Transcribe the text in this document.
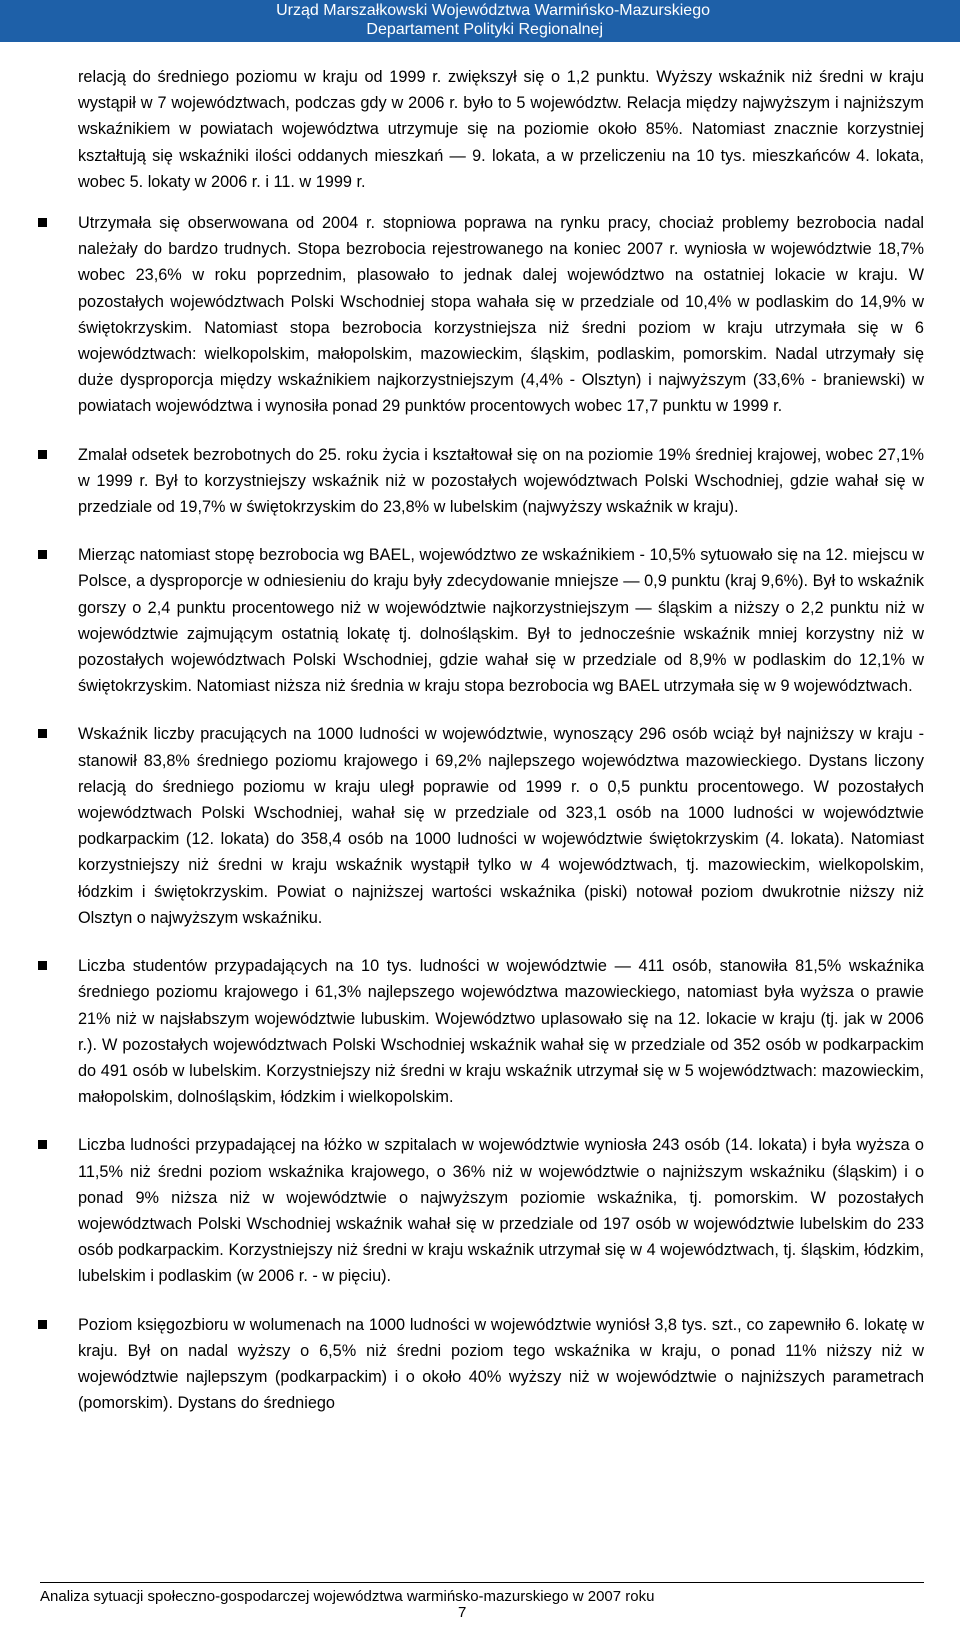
Urząd Marszałkowski Województwa Warmińsko-Mazurskiego
Departament Polityki Regionalnej

relacją do średniego poziomu w kraju od 1999 r. zwiększył się o 1,2 punktu. Wyższy wskaźnik niż średni w kraju wystąpił w 7 województwach, podczas gdy w 2006 r. było to 5 województw. Relacja między najwyższym i najniższym wskaźnikiem w powiatach województwa utrzymuje się na poziomie około 85%. Natomiast znacznie korzystniej kształtują się wskaźniki ilości oddanych mieszkań — 9. lokata, a w przeliczeniu na 10 tys. mieszkańców 4. lokata, wobec 5. lokaty w 2006 r. i 11. w 1999 r.

Utrzymała się obserwowana od 2004 r. stopniowa poprawa na rynku pracy, chociaż problemy bezrobocia nadal należały do bardzo trudnych. Stopa bezrobocia rejestrowanego na koniec 2007 r. wyniosła w województwie 18,7% wobec 23,6% w roku poprzednim, plasowało to jednak dalej województwo na ostatniej lokacie w kraju. W pozostałych województwach Polski Wschodniej stopa wahała się w przedziale od 10,4% w podlaskim do 14,9% w świętokrzyskim. Natomiast stopa bezrobocia korzystniejsza niż średni poziom w kraju utrzymała się w 6 województwach: wielkopolskim, małopolskim, mazowieckim, śląskim, podlaskim, pomorskim. Nadal utrzymały się duże dysproporcja między wskaźnikiem najkorzystniejszym (4,4% - Olsztyn) i najwyższym (33,6% - braniewski) w powiatach województwa i wynosiła ponad 29 punktów procentowych wobec 17,7 punktu w 1999 r.

Zmalał odsetek bezrobotnych do 25. roku życia i kształtował się on na poziomie 19% średniej krajowej, wobec 27,1% w 1999 r. Był to korzystniejszy wskaźnik niż w pozostałych województwach Polski Wschodniej, gdzie wahał się w przedziale od 19,7% w świętokrzyskim do 23,8% w lubelskim (najwyższy wskaźnik w kraju).

Mierząc natomiast stopę bezrobocia wg BAEL, województwo ze wskaźnikiem - 10,5% sytuowało się na 12. miejscu w Polsce, a dysproporcje w odniesieniu do kraju były zdecydowanie mniejsze — 0,9 punktu (kraj 9,6%). Był to wskaźnik gorszy o 2,4 punktu procentowego niż w województwie najkorzystniejszym — śląskim a niższy o 2,2 punktu niż w województwie zajmującym ostatnią lokatę tj. dolnośląskim. Był to jednocześnie wskaźnik mniej korzystny niż w pozostałych województwach Polski Wschodniej, gdzie wahał się w przedziale od 8,9% w podlaskim do 12,1% w świętokrzyskim. Natomiast niższa niż średnia w kraju stopa bezrobocia wg BAEL utrzymała się w 9 województwach.

Wskaźnik liczby pracujących na 1000 ludności w województwie, wynoszący 296 osób wciąż był najniższy w kraju - stanowił 83,8% średniego poziomu krajowego i 69,2% najlepszego województwa mazowieckiego. Dystans liczony relacją do średniego poziomu w kraju uległ poprawie od 1999 r. o 0,5 punktu procentowego. W pozostałych województwach Polski Wschodniej, wahał się w przedziale od 323,1 osób na 1000 ludności w województwie podkarpackim (12. lokata) do 358,4 osób na 1000 ludności w województwie świętokrzyskim (4. lokata). Natomiast korzystniejszy niż średni w kraju wskaźnik wystąpił tylko w 4 województwach, tj. mazowieckim, wielkopolskim, łódzkim i świętokrzyskim. Powiat o najniższej wartości wskaźnika (piski) notował poziom dwukrotnie niższy niż Olsztyn o najwyższym wskaźniku.

Liczba studentów przypadających na 10 tys. ludności w województwie — 411 osób, stanowiła 81,5% wskaźnika średniego poziomu krajowego i 61,3% najlepszego województwa mazowieckiego, natomiast była wyższa o prawie 21% niż w najsłabszym województwie lubuskim. Województwo uplasowało się na 12. lokacie w kraju (tj. jak w 2006 r.). W pozostałych województwach Polski Wschodniej wskaźnik wahał się w przedziale od 352 osób w podkarpackim do 491 osób w lubelskim. Korzystniejszy niż średni w kraju wskaźnik utrzymał się w 5 województwach: mazowieckim, małopolskim, dolnośląskim, łódzkim i wielkopolskim.

Liczba ludności przypadającej na łóżko w szpitalach w województwie wyniosła 243 osób (14. lokata) i była wyższa o 11,5% niż średni poziom wskaźnika krajowego, o 36% niż w województwie o najniższym wskaźniku (śląskim) i o ponad 9% niższa niż w województwie o najwyższym poziomie wskaźnika, tj. pomorskim. W pozostałych województwach Polski Wschodniej wskaźnik wahał się w przedziale od 197 osób w województwie lubelskim do 233 osób podkarpackim. Korzystniejszy niż średni w kraju wskaźnik utrzymał się w 4 województwach, tj. śląskim, łódzkim, lubelskim i podlaskim (w 2006 r. - w pięciu).

Poziom księgozbioru w wolumenach na 1000 ludności w województwie wyniósł 3,8 tys. szt., co zapewniło 6. lokatę w kraju. Był on nadal wyższy o 6,5% niż średni poziom tego wskaźnika w kraju, o ponad 11% niższy niż w województwie najlepszym (podkarpackim) i o około 40% wyższy niż w województwie o najniższych parametrach (pomorskim). Dystans do średniego

Analiza sytuacji społeczno-gospodarczej województwa warmińsko-mazurskiego w 2007 roku
7
